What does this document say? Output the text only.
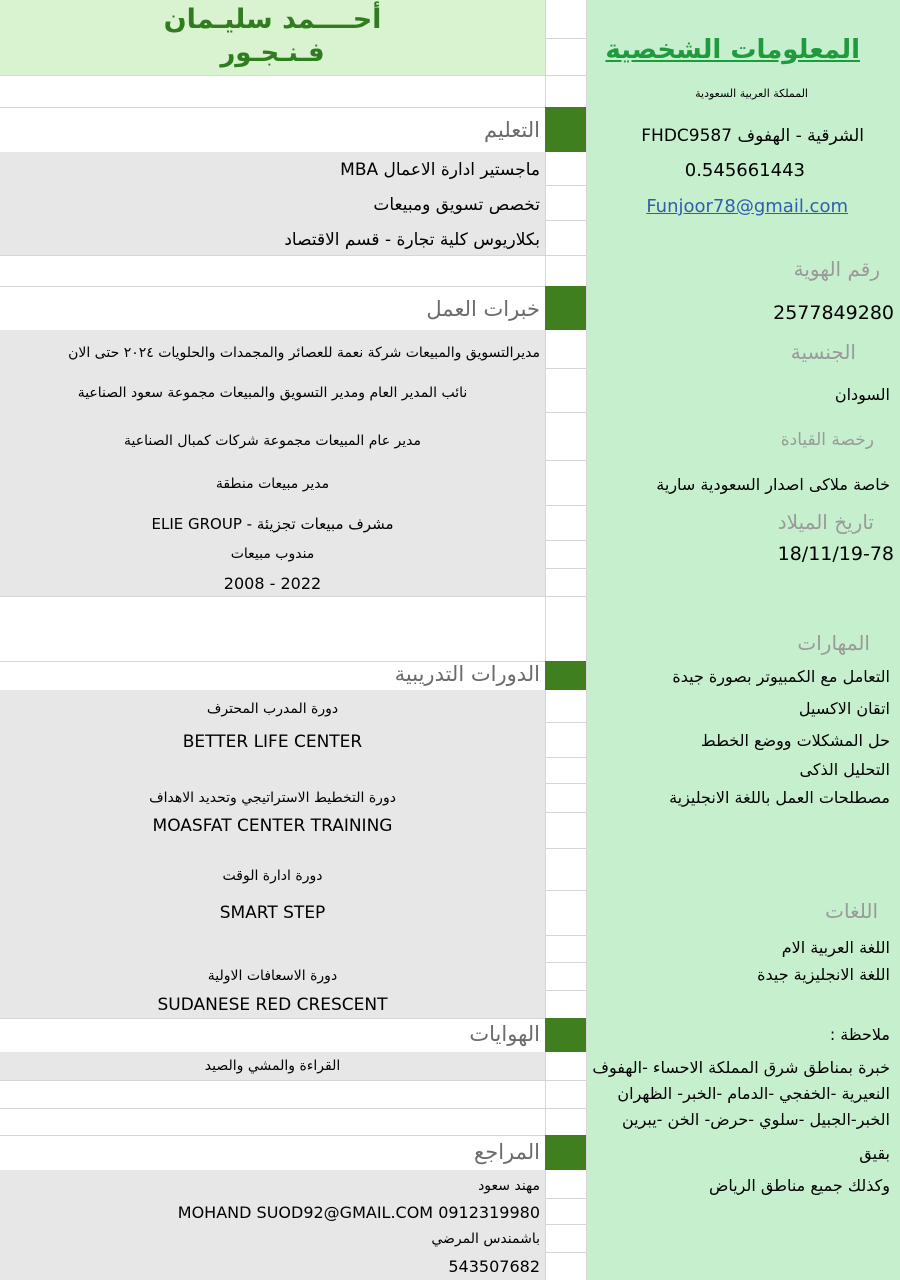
أحــــمد سليـمان
فـنـجـور
التعليم
ماجستير ادارة الاعمال MBA
تخصص تسويق ومبيعات
بكلاريوس كلية تجارة - قسم الاقتصاد
خبرات العمل
مديرالتسويق والمبيعات شركة نعمة للعصائر والمجمدات والحلويات ٢٠٢٤ حتى الان
نائب المدير العام ومدير التسويق والمبيعات مجموعة سعود الصناعية
مدير عام المبيعات مجموعة شركات كمبال الصناعية
مدير مبيعات منطقة
مشرف مبيعات تجزيئة - ELIE GROUP
مندوب مبيعات
2008 - 2022
الدورات التدريبية
دورة المدرب المحترف
BETTER LIFE CENTER
دورة التخطيط الاستراتيجي وتحديد الاهداف
MOASFAT CENTER TRAINING
دورة ادارة الوقت
SMART STEP
دورة الاسعافات الاولية
SUDANESE RED CRESCENT
الهوايات
القراءة والمشي والصيد
المراجع
مهند سعود
MOHAND SUOD92@GMAIL.COM 0912319980
باشمندس المرضي
543507682
المعلومات الشخصية
المملكة العربية السعودية
الشرقية - الهفوف FHDC9587
0.545661443
Funjoor78@gmail.com
رقم الهوية
2577849280
الجنسية
السودان
رخصة القيادة
خاصة ملاكى اصدار السعودية سارية
تاريخ الميلاد
18/11/19-78
المهارات
التعامل مع الكمبيوتر بصورة جيدة
اتقان الاكسيل
حل المشكلات ووضع الخطط
التحليل الذكى
مصطلحات العمل باللغة الانجليزية
اللغات
اللغة العربية الام
اللغة الانجليزية جيدة
ملاحظة :
خبرة بمناطق شرق المملكة الاحساء -الهفوف
النعيرية -الخفجي -الدمام -الخبر- الظهران
الخبر-الجبيل -سلوي -حرض- الخن -يبرين
بقيق
وكذلك جميع مناطق الرياض
